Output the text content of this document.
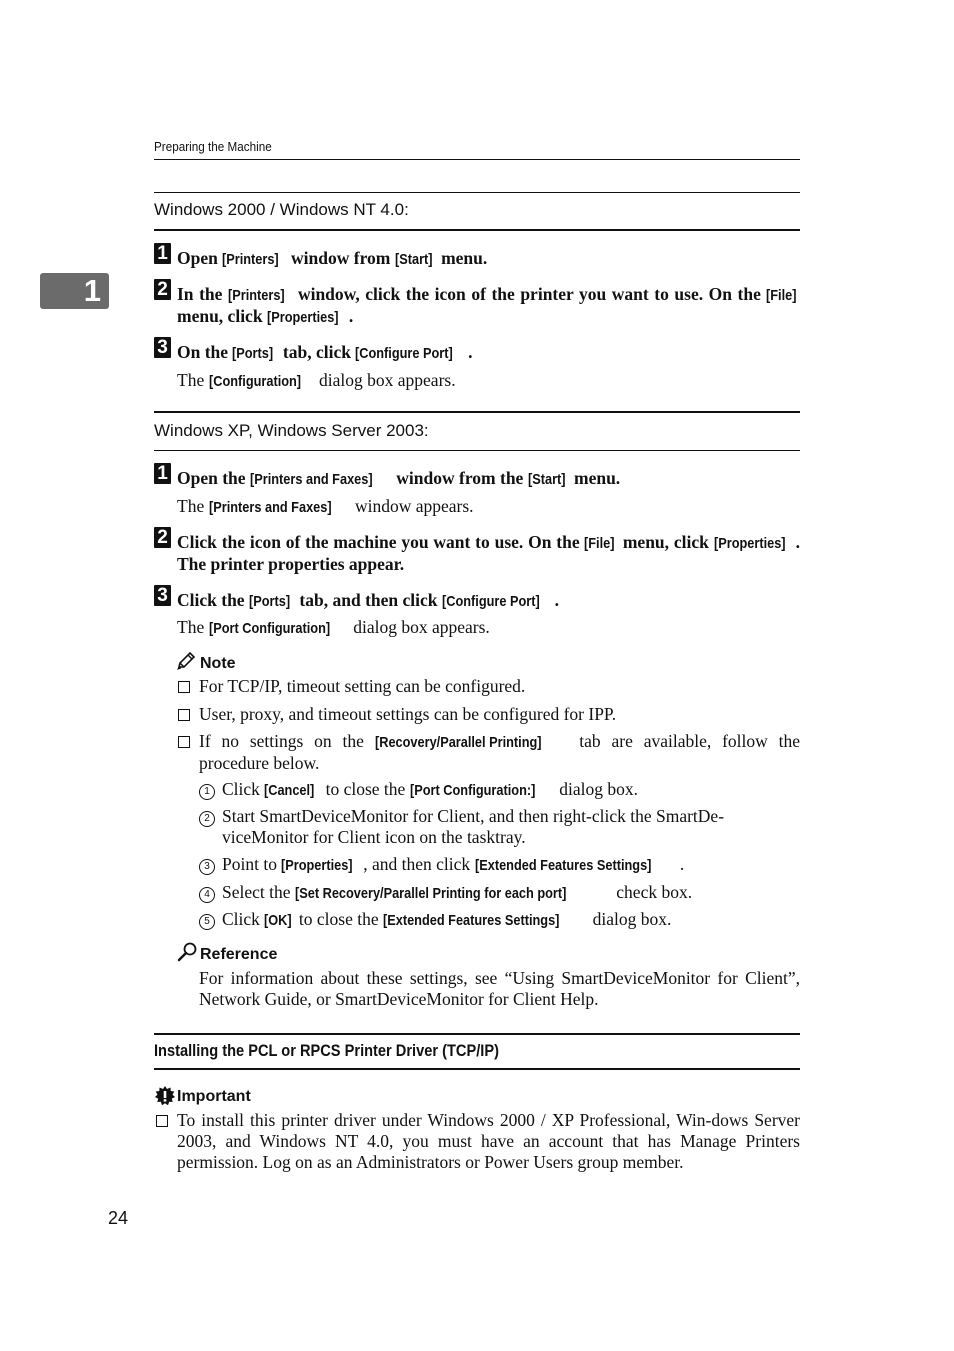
Preparing the Machine
1
Windows 2000 / Windows NT 4.0:
1 Open [Printers] window from [Start] menu.
2 In the [Printers] window, click the icon of the printer you want to use. On the [File] menu, click [Properties] .
3 On the [Ports] tab, click [Configure Port] .
The [Configuration] dialog box appears.
Windows XP, Windows Server 2003:
1 Open the [Printers and Faxes] window from the [Start] menu.
The [Printers and Faxes] window appears.
2 Click the icon of the machine you want to use. On the [File] menu, click [Properties] . The printer properties appear.
3 Click the [Ports] tab, and then click [Configure Port] .
The [Port Configuration] dialog box appears.
Note
For TCP/IP, timeout setting can be configured.
User, proxy, and timeout settings can be configured for IPP.
If no settings on the [Recovery/Parallel Printing] tab are available, follow the procedure below.
1 Click [Cancel] to close the [Port Configuration:] dialog box.
2 Start SmartDeviceMonitor for Client, and then right-click the SmartDe-viceMonitor for Client icon on the tasktray.
3 Point to [Properties] , and then click [Extended Features Settings] .
4 Select the [Set Recovery/Parallel Printing for each port]	check box.
5 Click [OK] to close the [Extended Features Settings] dialog box.
Reference
For information about these settings, see “Using SmartDeviceMonitor for Client”, Network Guide, or SmartDeviceMonitor for Client Help.
Installing the PCL or RPCS Printer Driver (TCP/IP)
Important
To install this printer driver under Windows 2000 / XP Professional, Win-dows Server 2003, and Windows NT 4.0, you must have an account that has Manage Printers permission. Log on as an Administrators or Power Users group member.
24
